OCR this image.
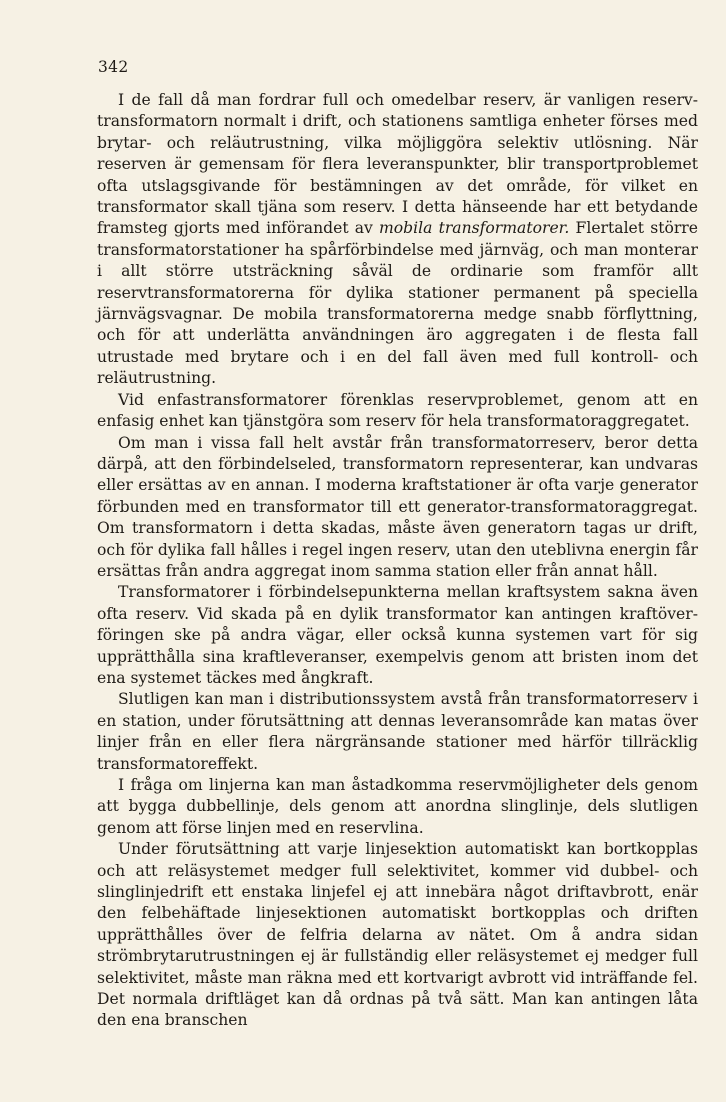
342

I de fall då man fordrar full och omedelbar reserv, är vanligen reservtransformatorn normalt i drift, och stationens samtliga enheter förses med brytar- och reläutrustning, vilka möjliggöra selektiv utlösning. När reserven är gemensam för flera leveranspunkter, blir transportproblemet ofta utslagsgivande för bestämningen av det område, för vilket en transformator skall tjäna som reserv. I detta hänseende har ett betydande framsteg gjorts med införandet av mobila transformatorer. Flertalet större transformatorstationer ha spårförbindelse med järnväg, och man monterar i allt större utsträckning såväl de ordinarie som framför allt reservtransformatorerna för dylika stationer permanent på speciella järnvägsvagnar. De mobila transformatorerna medge snabb förflyttning, och för att underlätta användningen äro aggregaten i de flesta fall utrustade med brytare och i en del fall även med full kontroll- och reläutrustning.

Vid enfastransformatorer förenklas reservproblemet, genom att en enfasig enhet kan tjänstgöra som reserv för hela transformatoraggregatet.

Om man i vissa fall helt avstår från transformatorreserv, beror detta därpå, att den förbindelseled, transformatorn representerar, kan undvaras eller ersättas av en annan. I moderna kraftstationer är ofta varje generator förbunden med en transformator till ett generator-transformatoraggregat. Om transformatorn i detta skadas, måste även generatorn tagas ur drift, och för dylika fall hålles i regel ingen reserv, utan den uteblivna energin får ersättas från andra aggregat inom samma station eller från annat håll.

Transformatorer i förbindelsepunkterna mellan kraftsystem sakna även ofta reserv. Vid skada på en dylik transformator kan antingen kraftöverföringen ske på andra vägar, eller också kunna systemen vart för sig upprätthålla sina kraftleveranser, exempelvis genom att bristen inom det ena systemet täckes med ångkraft.

Slutligen kan man i distributionssystem avstå från transformatorreserv i en station, under förutsättning att dennas leveransområde kan matas över linjer från en eller flera närgränsande stationer med härför tillräcklig transformatoreffekt.

I fråga om linjerna kan man åstadkomma reservmöjligheter dels genom att bygga dubbellinje, dels genom att anordna slinglinje, dels slutligen genom att förse linjen med en reservlina.

Under förutsättning att varje linjesektion automatiskt kan bortkopplas och att reläsystemet medger full selektivitet, kommer vid dubbel- och slinglinjedrift ett enstaka linjefel ej att innebära något driftavbrott, enär den felbehäftade linjesektionen automatiskt bortkopplas och driften upprätthålles över de felfria delarna av nätet. Om å andra sidan strömbrytarutrustningen ej är fullständig eller reläsystemet ej medger full selektivitet, måste man räkna med ett kortvarigt avbrott vid inträffande fel. Det normala driftläget kan då ordnas på två sätt. Man kan antingen låta den ena branschen
